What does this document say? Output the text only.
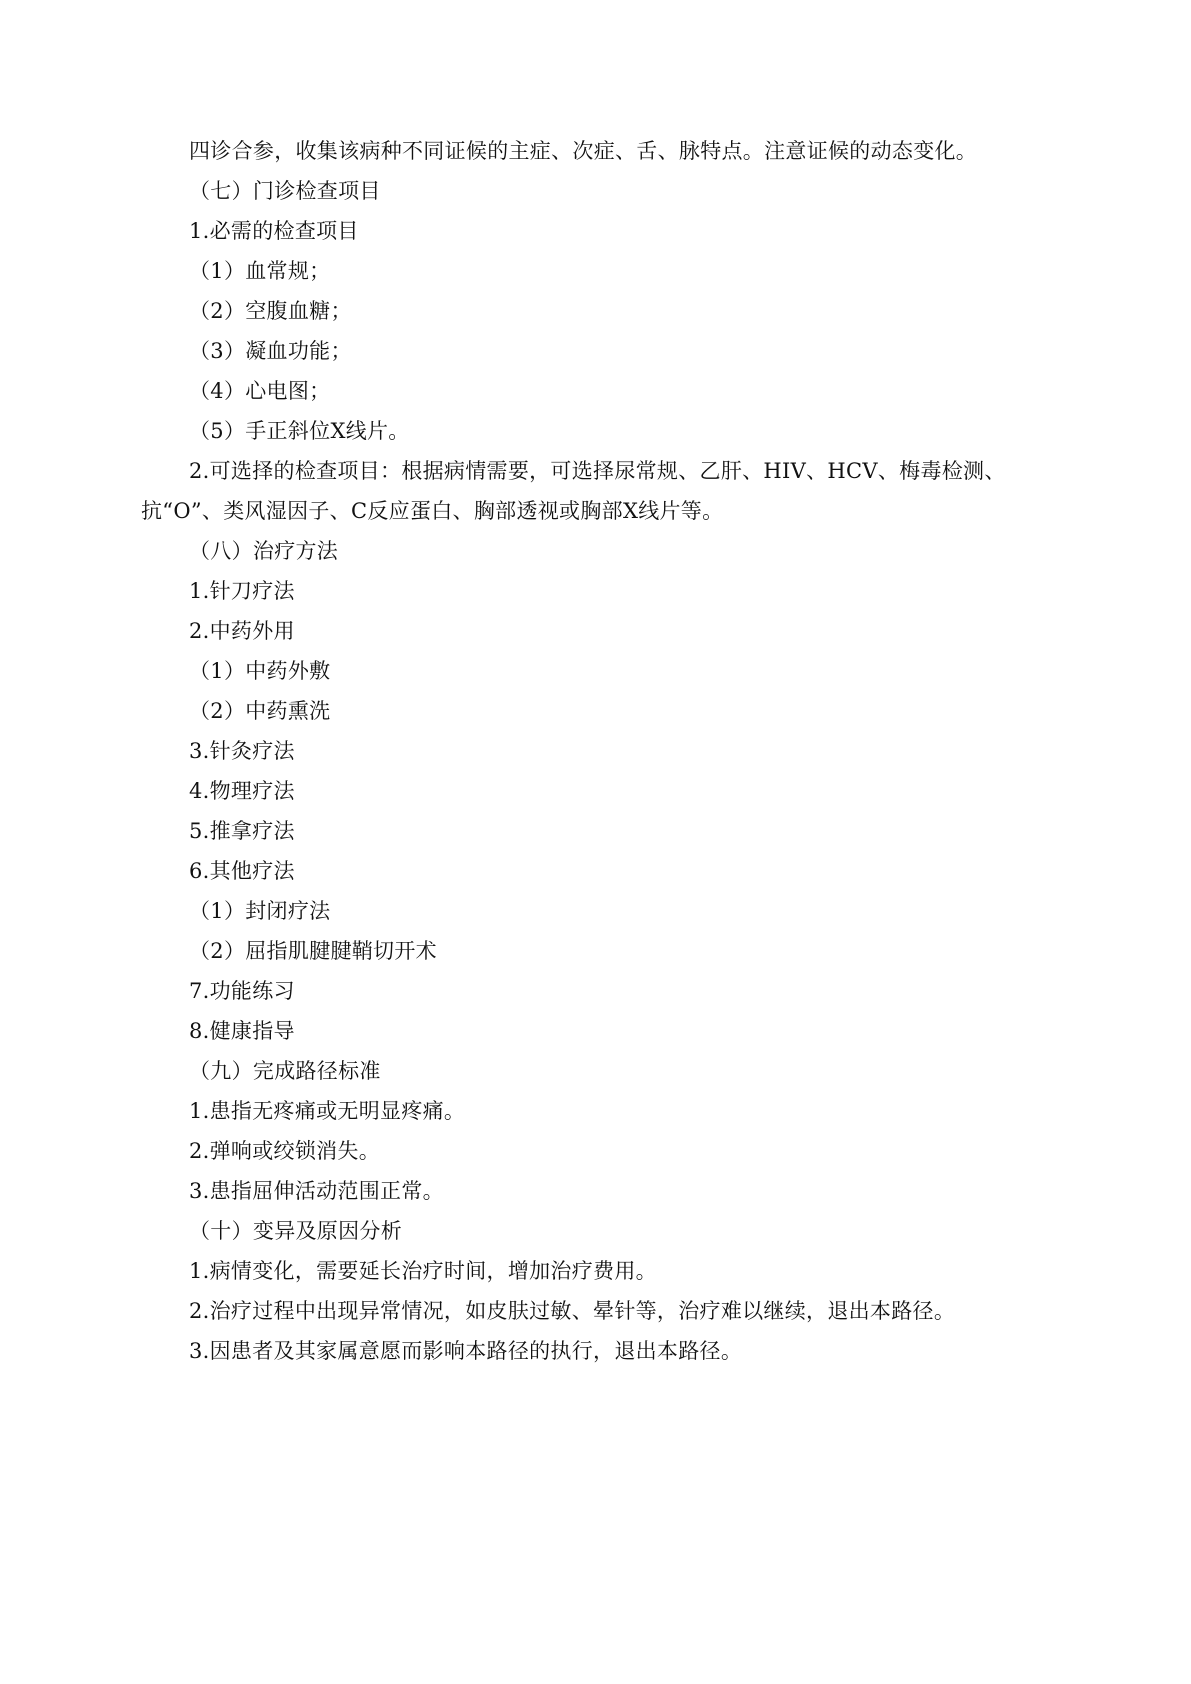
四诊合参，收集该病种不同证候的主症、次症、舌、脉特点。注意证候的动态变化。
（七）门诊检查项目
1.必需的检查项目
（1）血常规；
（2）空腹血糖；
（3）凝血功能；
（4）心电图；
（5）手正斜位X线片。
2.可选择的检查项目：根据病情需要，可选择尿常规、乙肝、HIV、HCV、梅毒检测、
抗“O”、类风湿因子、C反应蛋白、胸部透视或胸部X线片等。
（八）治疗方法
1.针刀疗法
2.中药外用
（1）中药外敷
（2）中药熏洗
3.针灸疗法
4.物理疗法
5.推拿疗法
6.其他疗法
（1）封闭疗法
（2）屈指肌腱腱鞘切开术
7.功能练习
8.健康指导
（九）完成路径标准
1.患指无疼痛或无明显疼痛。
2.弹响或绞锁消失。
3.患指屈伸活动范围正常。
（十）变异及原因分析
1.病情变化，需要延长治疗时间，增加治疗费用。
2.治疗过程中出现异常情况，如皮肤过敏、晕针等，治疗难以继续，退出本路径。
3.因患者及其家属意愿而影响本路径的执行，退出本路径。
